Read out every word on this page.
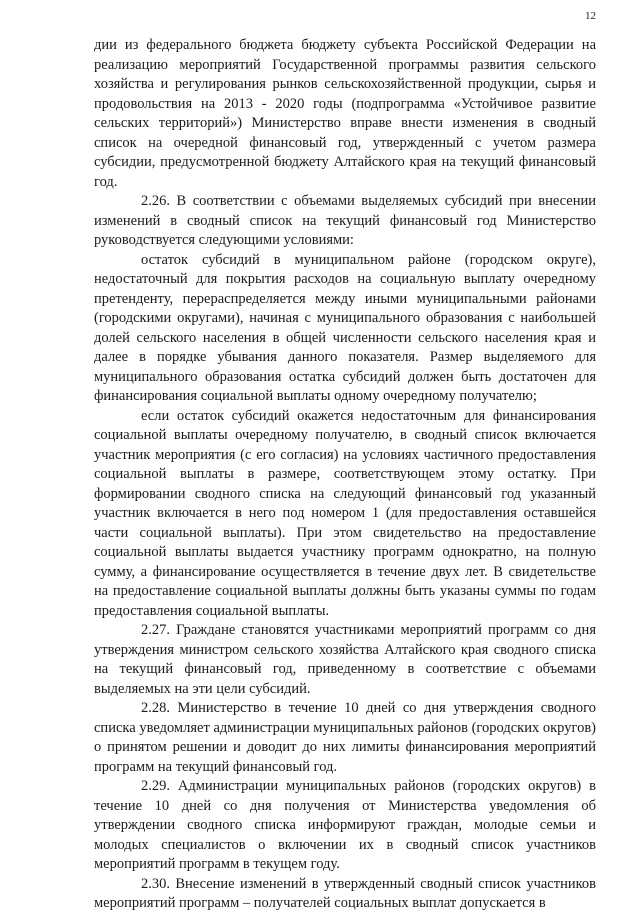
12

дии из федерального бюджета бюджету субъекта Российской Федерации на реализацию мероприятий Государственной программы развития сельского хозяйства и регулирования рынков сельскохозяйственной продукции, сырья и продовольствия на 2013 - 2020 годы (подпрограмма «Устойчивое развитие сельских территорий») Министерство вправе внести изменения в сводный список на очередной финансовый год, утвержденный с учетом размера субсидии, предусмотренной бюджету Алтайского края на текущий финансовый год.

2.26. В соответствии с объемами выделяемых субсидий при внесении изменений в сводный список на текущий финансовый год Министерство руководствуется следующими условиями:

остаток субсидий в муниципальном районе (городском округе), недостаточный для покрытия расходов на социальную выплату очередному претенденту, перераспределяется между иными муниципальными районами (городскими округами), начиная с муниципального образования с наибольшей долей сельского населения в общей численности сельского населения края и далее в порядке убывания данного показателя. Размер выделяемого для муниципального образования остатка субсидий должен быть достаточен для финансирования социальной выплаты одному очередному получателю;

если остаток субсидий окажется недостаточным для финансирования социальной выплаты очередному получателю, в сводный список включается участник мероприятия (с его согласия) на условиях частичного предоставления социальной выплаты в размере, соответствующем этому остатку. При формировании сводного списка на следующий финансовый год указанный участник включается в него под номером 1 (для предоставления оставшейся части социальной выплаты). При этом свидетельство на предоставление социальной выплаты выдается участнику программ однократно, на полную сумму, а финансирование осуществляется в течение двух лет. В свидетельстве на предоставление социальной выплаты должны быть указаны суммы по годам предоставления социальной выплаты.

2.27. Граждане становятся участниками мероприятий программ со дня утверждения министром сельского хозяйства Алтайского края сводного списка на текущий финансовый год, приведенному в соответствие с объемами выделяемых на эти цели субсидий.

2.28. Министерство в течение 10 дней со дня утверждения сводного списка уведомляет администрации муниципальных районов (городских округов) о принятом решении и доводит до них лимиты финансирования мероприятий программ на текущий финансовый год.

2.29. Администрации муниципальных районов (городских округов) в течение 10 дней со дня получения от Министерства уведомления об утверждении сводного списка информируют граждан, молодые семьи и молодых специалистов о включении их в сводный список участников мероприятий программ в текущем году.

2.30. Внесение изменений в утвержденный сводный список участников мероприятий программ – получателей социальных выплат допускается в
